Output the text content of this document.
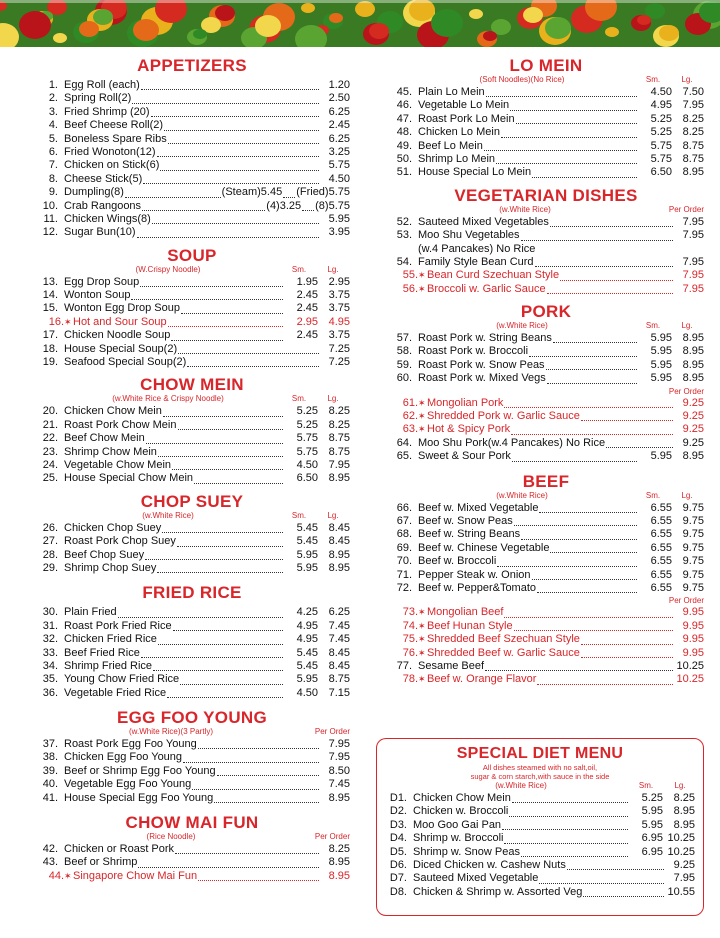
APPETIZERS
1. Egg Roll (each)	1.20
2. Spring Roll(2)	2.50
3. Fried Shrimp (20)	6.25
4. Beef Cheese Roll(2)	2.45
5. Boneless Spare Ribs	6.25
6. Fried Wonoton(12)	3.25
7. Chicken on Stick(6)	5.75
8. Cheese Stick(5)	4.50
9. Dumpling(8)	(Steam)5.45 (Fried)5.75
10. Crab Rangoons	(4)3.25 (8)5.75
11. Chicken Wings(8)	5.95
12. Sugar Bun(10)	3.95
SOUP
(W.Crispy Noodle)	Sm.	Lg.
13. Egg Drop Soup	1.95 2.95
14. Wonton Soup	2.45 3.75
15. Wonton Egg Drop Soup	2.45 3.75
16. ✶ Hot and Sour Soup	2.95 4.95
17. Chicken Noodle Soup	2.45 3.75
18. House Special Soup(2)	7.25
19. Seafood Special Soup(2)	7.25
CHOW MEIN
(w.White Rice & Crispy Noodle)	Sm.	Lg.
20. Chicken Chow Mein	5.25 8.25
21. Roast Pork Chow Mein	5.25 8.25
22. Beef Chow Mein	5.75 8.75
23. Shrimp Chow Mein	5.75 8.75
24. Vegetable Chow Mein	4.50 7.95
25. House Special Chow Mein	6.50 8.95
CHOP SUEY
(w.White Rice)	Sm.	Lg.
26. Chicken Chop Suey	5.45 8.45
27. Roast Pork Chop Suey	5.45 8.45
28. Beef Chop Suey	5.95 8.95
29. Shrimp Chop Suey	5.95 8.95
FRIED RICE
30. Plain Fried	4.25 6.25
31. Roast Pork Fried Rice	4.95 7.45
32. Chicken Fried Rice	4.95 7.45
33. Beef Fried Rice	5.45 8.45
34. Shrimp Fried Rice	5.45 8.45
35. Young Chow Fried Rice	5.95 8.75
36. Vegetable Fried Rice	4.50 7.15
EGG FOO YOUNG
(w.White Rice)(3 Partly)	Per Order
37. Roast Pork Egg Foo Young	7.95
38. Chicken Egg Foo Young	7.95
39. Beef or Shrimp Egg Foo Young	8.50
40. Vegetable Egg Foo Young	7.45
41. House Special Egg Foo Young	8.95
CHOW MAI FUN
(Rice Noodle)	Per Order
42. Chicken or Roast Pork	8.25
43. Beef or Shrimp	8.95
44. ✶ Singapore Chow Mai Fun	8.95
LO MEIN
(Soft Noodles)(No Rice)	Sm.	Lg.
45. Plain Lo Mein	4.50 7.50
46. Vegetable Lo Mein	4.95 7.95
47. Roast Pork Lo Mein	5.25 8.25
48. Chicken Lo Mein	5.25 8.25
49. Beef Lo Mein	5.75 8.75
50. Shrimp Lo Mein	5.75 8.75
51. House Special Lo Mein	6.50 8.95
VEGETARIAN DISHES
(w.White Rice)	Per Order
52. Sauteed Mixed Vegetables	7.95
53. Moo Shu Vegetables	7.95
(w.4 Pancakes) No Rice
54. Family Style Bean Curd	7.95
55. ✶ Bean Curd Szechuan Style	7.95
56. ✶ Broccoli w. Garlic Sauce	7.95
PORK
(w.White Rice)	Sm.	Lg.
57. Roast Pork w. String Beans	5.95 8.95
58. Roast Pork w. Broccoli	5.95 8.95
59. Roast Pork w. Snow Peas	5.95 8.95
60. Roast Pork w. Mixed Vegs	5.95 8.95
Per Order
61. ✶ Mongolian Pork	9.25
62. ✶ Shredded Pork w. Garlic Sauce	9.25
63. ✶ Hot & Spicy Pork	9.25
64. Moo Shu Pork(w.4 Pancakes) No Rice	9.25
65. Sweet & Sour Pork	5.95 8.95
BEEF
(w.White Rice)	Sm.	Lg.
66. Beef w. Mixed Vegetable	6.55 9.75
67. Beef w. Snow Peas	6.55 9.75
68. Beef w. String Beans	6.55 9.75
69. Beef w. Chinese Vegetable	6.55 9.75
70. Beef w. Broccoli	6.55 9.75
71. Pepper Steak w. Onion	6.55 9.75
72. Beef w. Pepper&Tomato	6.55 9.75
Per Order
73. ✶ Mongolian Beef	9.95
74. ✶ Beef Hunan Style	9.95
75. ✶ Shredded Beef Szechuan Style	9.95
76. ✶ Shredded Beef w. Garlic Sauce	9.95
77. Sesame Beef	10.25
78. ✶ Beef w. Orange Flavor	10.25
SPECIAL DIET MENU
All dishes steamed with no salt,oil,
sugar & corn starch,with sauce in the side
(w.White Rice)	Sm.	Lg.
D1. Chicken Chow Mein	5.25 8.25
D2. Chicken w. Broccoli	5.95 8.95
D3. Moo Goo Gai Pan	5.95 8.95
D4. Shrimp w. Broccoli	6.95 10.25
D5. Shrimp w. Snow Peas	6.95 10.25
D6. Diced Chicken w. Cashew Nuts	9.25
D7. Sauteed Mixed Vegetable	7.95
D8. Chicken & Shrimp w. Assorted Veg	10.55
